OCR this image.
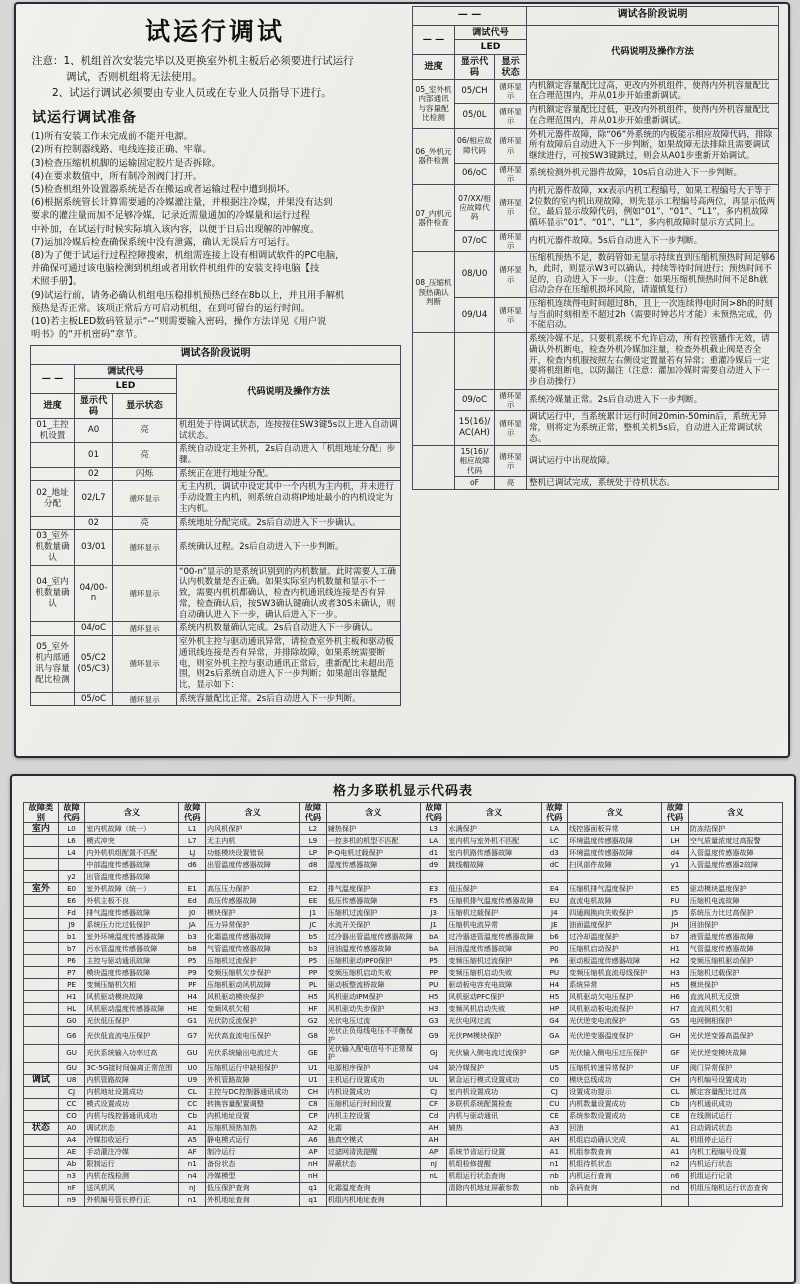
试运行调试
注意：1、机组首次安装完毕以及更换室外机主板后必须要进行试运行
调试，否则机组将无法使用。
2、试运行调试必须要由专业人员或在专业人员指导下进行。
试运行调试准备
(1)所有安装工作未完成前不能开电源。
(2)所有控制器线路、电线连接正确、牢靠。
(3)检查压缩机机脚的运输固定胶片是否拆除。
(4)在要求数值中，所有制冷剂阀门打开。
(5)检查机组外设置器系统是否在搬运或者运输过程中遭到损坏。
(6)根据系统管长计算需要通的冷媒灌注量，并根据注冷媒，并果没有达到
要求的灌注量而加不足够冷媒，记录近需量通加的冷媒量和运行过程
中补加，在试运行时候实际填入该内容，以便于日后出现解的冲解度。
(7)运加冷媒后检查确保系统中没有泄露，确认无误后方可运行。
(8)为了便于试运行过程控障搜索，机组需连接上设有相调试软件的PC电脑，
并确保可通过该电脑检测到机组或者用软件机组件的安装支持电脑【技
术照手册】。
(9)试运行前，请务必确认机组电压稳排机预热已经在8b以上，并且用手解机
预热是否正常。该项正常后方可启动机组，在到可留台的运行时间。
(10)若主板LED数码管显示“--”则需要输入密码，操作方法详见《用户说
明书》的“开机密码”章节。
调试各阶段说明			
— —	调试代号		代码说明及操作方法
	LED		
进度	显示代码	显示状态	
01_主控机设置	A0	亮	机组处于待调试状态，连按按住SW3键5s以上进入自动调试状态。
	01	亮	系统自动设定主外机，2s后自动进入「机组地址分配」步骤。
	02	闪烁	系统正在进行地址分配。
02_地址分配	02/L7	循环显示	无主内机，调试中设定其中一个内机为主内机，并未进行手动设置主内机，则系统自动将IP地址最小的内机设定为主内机。
	02	亮	系统地址分配完成。2s后自动进入下一步确认。
03_室外机数量确认	03/01	循环显示	系统确认过程。2s后自动进入下一步判断。
04_室内机数量确认	04/00-n	循环显示	“00-n”显示的是系统识别到的内机数量。此时需要人工确认内机数量是否正确。如果实际室内机数量和显示不一致，需要内机机都确认，检查内机通讯线连接是否有异常，检查确认后，按SW3确认键确认或者30S未确认，则自动确认进入下一步，确认后进入下一步。
	04/oC	循环显示	系统内机数量确认完成。2s后自动进入下一步确认。
05_室外机内部通讯与容量配比检测	05/C2 (05/C3)	循环显示	室外机主控与驱动通讯异常，请检查室外机主板和驱动板通讯线连接是否有异常，并排除故障，如果系统需要断电，则室外机主控与驱动通讯正常后，重新配比未超出范围，则2s后系统自动进入下一步判断；如果超出容量配比，显示如下：
	05/oC	循环显示	系统容量配比正常。2s后自动进入下一步判断。
— —			调试各阶段说明
— —	调试代号		代码说明及操作方法
	LED		
进度	显示代码	显示状态	
05_室外机内部通讯与容量配比检测	05/CH	循环显示	内机额定容量配比过高，更改内外机组件，使得内外机容量配比在合理范围内，并从01步开始重新调试。
	05/0L	循环显示	内机额定容量配比过低，更改内外机组件，使得内外机容量配比在合理范围内，并从01步开始重新调试。
06_外机元器件检测	06/相应故障代码	循环显示	外机元器件故障，除“06”外系统的内板能示相应故障代码，排除所有故障后自动进入下一步判断，如果故障无法排除且需要调试继续进行，可按SW3键跳过，则会从A01步重新开始调试。
	06/oC	循环显示	系统检测外机元器件故障，10s后自动进入下一步判断。
07_内机元器件检查	07/XX/相应故障代码	循环显示	内机元器件故障，xx表示内机工程编号，如果工程编号大于等于2位数的室内机出现故障，则先显示工程编号高两位，再显示低两位，最后显示故障代码，例如“01”、“01”、“L1”，多内机故障循环显示“01”、“01”、“L1”，多内机故障时显示方式同上。
	07/oC	循环显示	内机元器件故障。5s后自动进入下一步判断。
08_压缩机预热确认判断	08/U0	循环显示	压缩机预热不足，数码管如无显示持续直到压缩机预热时间足够6h，此时，则显示W3可以确认，持续等待时间进行；预热时间不足的，自动进入下一步。（注意：如果压缩机预热时间不足8h就启动会存在压缩机损坏风险，请谨慎复行）
	09/U4	循环显示	压缩机连续得电时间超过8h，且上一次连续得电时间>8h的时刻与当前时刻相差不超过2h（需要时钟芯片才能）未预热完成，仍不能启动。
			系统冷媒不足。只要机系统不允许启动，所有控管播作无效，请确认外机断电，检查外机冷媒加注量，检查外机截止阀是否全开，检查内机服按照左右侧设定置量若有异常；重灌冷媒后一定要将机组断电，以防漏注（注意：灌加冷媒时需要自动进入下一步自动操行）
	09/oC	循环显示	系统冷媒量正常。2s后自动进入下一步判断。
	15(16)/AC(AH)	循环显示	调试运行中，当系统累计运行时间20min-50min后，系统无异常，则将定为系统正常，整机关机5s后，自动进入正常调试状态。
	15(16)/相应故障代码	循环显示	调试运行中出现故障。
	oF	亮	整机已调试完成，系统处于待机状态。
格力多联机显示代码表
故障类别	故障代码	含义	故障代码	含义	故障代码	含义	故障代码	含义	故障代码	含义	故障代码	含义
室内	L0	室内机故障（统一）	L1	内风机保护	L2	辅热保护	L3	水满保护	LA	线控器面板异常	LH	防冻结保护
	L6	模式冲突	L7	无主内机	L9	一控多机的机型不匹配	LA	室内机与室外机不匹配	LC	环境温度传感器故障	LH	空气质量浓度过高报警
	L4	内外机机组配置不匹配	LJ	功能模块设置错误	LP	P-Q电机过载保护	d1	室内机路传感器故障	d3	环境温度传感器故障	d4	入管温度传感器故障
		中部温度传感器故障	d6	出管温度传感器故障	d8	湿度传感器故障	d9	跳线帽故障	dC	扫风部件故障	y1	入管温度传感器2故障
	y2	出管温度传感器故障										
室外	E0	室外机故障（统一）	E1	高压压力保护	E2	排气温度保护	E3	低压保护	E4	压缩机排气温度保护	E5	驱动模块温度保护
	E6	外机主板不良	Ed	高压传感器故障	EE	低压传感器故障	F5	压缩机排气温度传感器故障	EU	直流电机故障	FU	压缩机电流故障
	Fd	排气温度传感器故障	J0	模块保护	J1	压缩机过流保护	J3	压缩机过载保护	J4	四通阀换向失败保护	J5	系统压力比过高保护
	J9	系统压力比过低保护	JA	压力异常保护	JC	水流开关保护	J1	压缩机电流异常	JE	油面温度保护	JH	回油保护
	b1	室外环境温度传感器故障	b3	化霜温度传感器故障	b5	过冷器出管温度传感器故障	bA	过冷器进管温度传感器故障	b6	过冷却温度保护	b7	液管温度传感器故障
	b7	污水管温度传感器故障	b8	气管温度传感器故障	b3	回油温度传感器故障	bA	回油温度传感器故障	P0	压缩机启动保护	H1	气管温度传感器故障
	P6	主控与驱动通讯故障	P5	压缩机过流保护	P5	压缩机驱动IPF0保护	P5	变频压缩机过流保护	P6	驱动板温度传感器故障	H2	变频压缩机驱动保护
	P7	模块温度传感器故障	P9	变频压缩机欠步保护	PP	变频压缩机启动失败	PP	变频压缩机启动失败	PU	变频压缩机直流母线保护	H3	压缩机过载保护
	PE	变频压缩机欠相	PF	压缩机驱动风机故障	PL	驱动板整流桥故障	PU	驱动板电容充电故障	H4	系统异常	H5	模块保护
	H1	风机驱动模块故障	H4	风机驱动模块保护	H5	风机驱动IPM保护	H5	风机驱动PFC保护	H5	风机驱动欠电压保护	H6	直流风机无反馈
	HL	风机驱动温度传感器故障	HE	变频风机欠相	HF	风机驱动失步保护	H3	变频风机启动失败	HP	风机驱动板电流保护	H7	直流风机欠相
	G0	光伏低压保护	G1	光伏防反流保护	G2	光伏电压过流	G3	光伏电网过流	G4	光伏逆变电流保护	G5	电网侧相保护
	G6	光伏低直流电压保护	G7	光伏高直流电压保护	G8	光伏正负母线电压不平衡保护	G9	光伏PM模块保护	GA	光伏逆变器温度保护	GH	光伏逆变器高温保护
	GU	光伏系统输入功率过高	GU	光伏系统输出电流过大	GE	光伏输入配电信号不正常保护	GJ	光伏输入侧电流过流保护	GP	光伏输入侧电压过压保护	GF	光伏逆变模块故障
	GU	3C-5G接时间偏离正常范围	U0	压缩机运行中缺相保护	U1	电源相序保护	U4	缺冷媒保护	U5	压缩机转速异常保护	UF	阀门异常保护
调试	U8	内机管路故障	U9	外机管路故障	U1	主机运行设置成功	UL	紧急运行模式设置成功	C0	模块总线成功	CH	内机编号设置成功
	CJ	内机地址设置成功	CL	主控与DC控制器通讯成功	CH	内机设置成功	CJ	室内机设置成功	CJ	设置成功提示	CL	额定容量配比过高
	CC	模式设置成功	CC	转换容量配置调整	C8	压缩机运行时间设置	CF	多联机系统配置检查	CU	内机数量设置成功	Cb	内机通讯成功
	CO	内机与线控器通讯成功	Cb	内机地址设置	CP	内机主控设置	Cd	内机与驱动通讯	CE	系统参数设置成功	CE	在线测试运行
状态	A0	调试状态	A1	压缩机预热加热	A2	化霜	AH	辅热	A3	回油	A1	自动调试状态
	A4	冷媒扣收运行	A5	静电模式运行	A6	抽真空模式	AH		AH	机组启动确认完成	AL	机组停止运行
	AE	手动灌注冷媒	AF	制冷运行	AP	过滤网清洗提醒	AP	系统节省运行设置	A1	机组参数查询	A1	内机工程编号设置
	Ab	限制运行	n1	备份状态	nH	屏蔽状态	nJ	机组检修提醒	n1	机组待机状态	n2	内机运行状态
	n3	内机在线检测	n4	冷媒模型	nH		nL	机组运行状态查询	nb	内机运行查询	n6	机组运行记录
	nF	送风机风	nJ	低压保护查询	q1	化霜温度查询		清除内机地址屏蔽参数	nb	条码查询	nd	机组压缩机运行状态查询
	n9	外机编号管长停行正	n1	外机地址查询	q1	机组内机地址查询						
